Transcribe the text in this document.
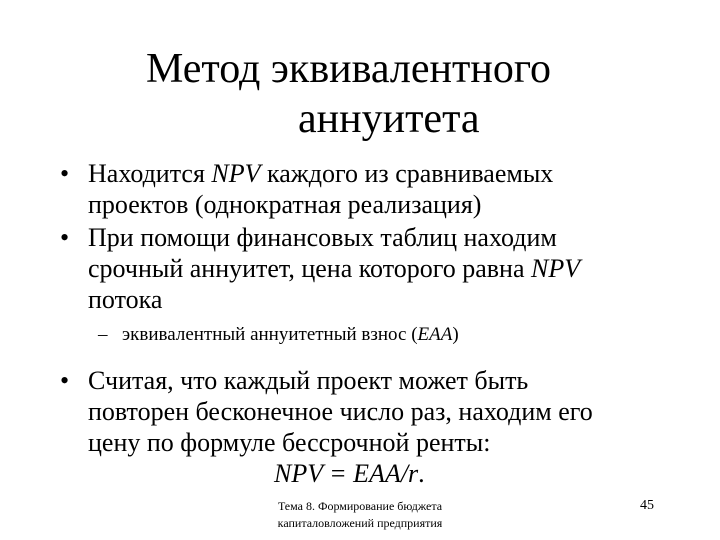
Метод эквивалентного
аннуитета
• Находится NPV каждого из сравниваемых
проектов (однократная реализация)
• При помощи финансовых таблиц находим
срочный аннуитет, цена которого равна NPV
потока
– эквивалентный аннуитетный взнос (EAA)
• Считая, что каждый проект может быть
повторен бесконечное число раз, находим его
цену по формуле бессрочной ренты:
NPV = EAA/r.
Тема 8. Формирование бюджета
капиталовложений предприятия
45
